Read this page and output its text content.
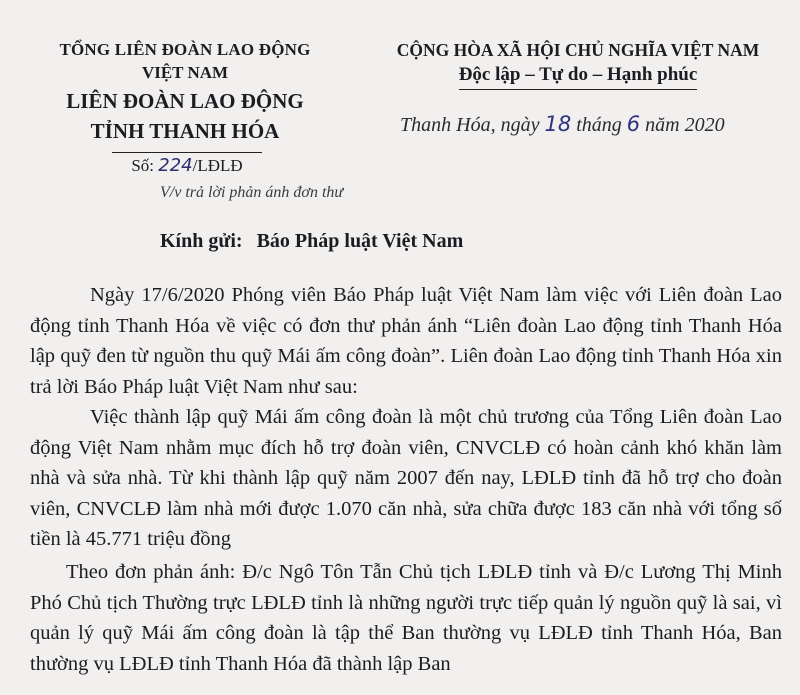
TỔNG LIÊN ĐOÀN LAO ĐỘNG
VIỆT NAM
LIÊN ĐOÀN LAO ĐỘNG
TỈNH THANH HÓA
Số: 224/LĐLĐ
V/v trả lời phản ánh đơn thư
CỘNG HÒA XÃ HỘI CHỦ NGHĨA VIỆT NAM
Độc lập – Tự do – Hạnh phúc
Thanh Hóa, ngày 18 tháng 6 năm 2020
Kính gửi: Báo Pháp luật Việt Nam
Ngày 17/6/2020 Phóng viên Báo Pháp luật Việt Nam làm việc với Liên đoàn Lao động tỉnh Thanh Hóa về việc có đơn thư phản ánh “Liên đoàn Lao động tỉnh Thanh Hóa lập quỹ đen từ nguồn thu quỹ Mái ấm công đoàn”. Liên đoàn Lao động tỉnh Thanh Hóa xin trả lời Báo Pháp luật Việt Nam như sau:
Việc thành lập quỹ Mái ấm công đoàn là một chủ trương của Tổng Liên đoàn Lao động Việt Nam nhằm mục đích hỗ trợ đoàn viên, CNVCLĐ có hoàn cảnh khó khăn làm nhà và sửa nhà. Từ khi thành lập quỹ năm 2007 đến nay, LĐLĐ tỉnh đã hỗ trợ cho đoàn viên, CNVCLĐ làm nhà mới được 1.070 căn nhà, sửa chữa được 183 căn nhà với tổng số tiền là 45.771 triệu đồng
Theo đơn phản ánh: Đ/c Ngô Tôn Tẫn Chủ tịch LĐLĐ tỉnh và Đ/c Lương Thị Minh Phó Chủ tịch Thường trực LĐLĐ tỉnh là những người trực tiếp quản lý nguồn quỹ là sai, vì quản lý quỹ Mái ấm công đoàn là tập thể Ban thường vụ LĐLĐ tỉnh Thanh Hóa, Ban thường vụ LĐLĐ tỉnh Thanh Hóa đã thành lập Ban
